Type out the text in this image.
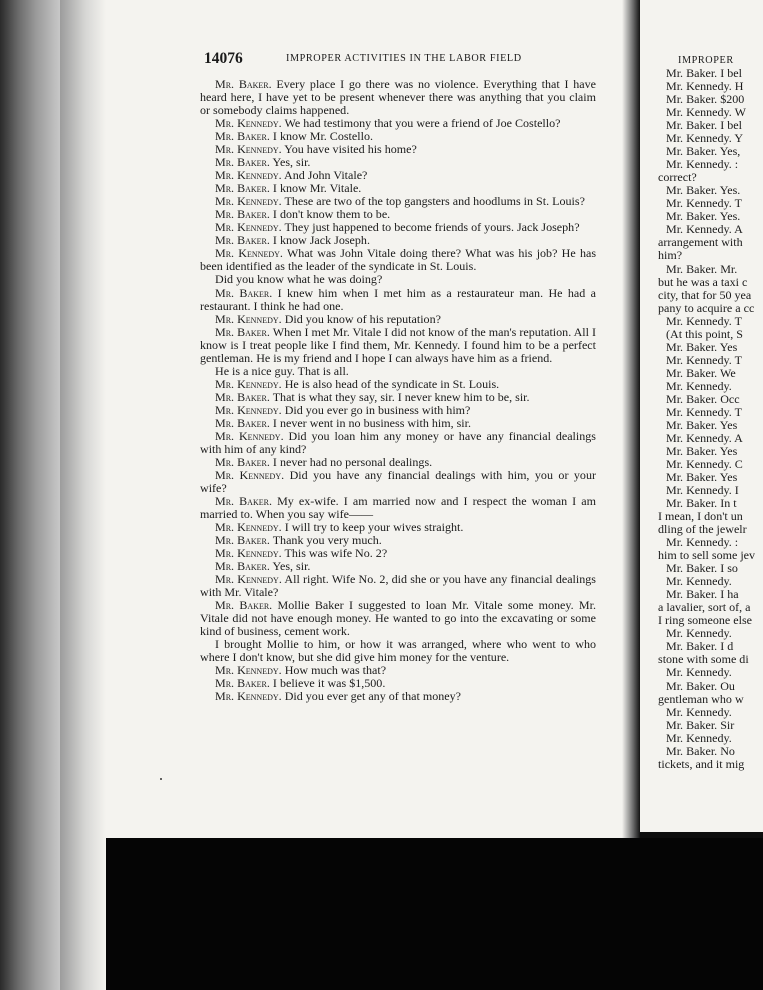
14076	IMPROPER ACTIVITIES IN THE LABOR FIELD

Mr. Baker. Every place I go there was no violence. Everything that I have heard here, I have yet to be present whenever there was anything that you claim or somebody claims happened.

Mr. Kennedy. We had testimony that you were a friend of Joe Costello?

Mr. Baker. I know Mr. Costello.

Mr. Kennedy. You have visited his home?

Mr. Baker. Yes, sir.

Mr. Kennedy. And John Vitale?

Mr. Baker. I know Mr. Vitale.

Mr. Kennedy. These are two of the top gangsters and hoodlums in St. Louis?

Mr. Baker. I don't know them to be.

Mr. Kennedy. They just happened to become friends of yours. Jack Joseph?

Mr. Baker. I know Jack Joseph.

Mr. Kennedy. What was John Vitale doing there? What was his job? He has been identified as the leader of the syndicate in St. Louis.

Did you know what he was doing?

Mr. Baker. I knew him when I met him as a restaurateur man. He had a restaurant. I think he had one.

Mr. Kennedy. Did you know of his reputation?

Mr. Baker. When I met Mr. Vitale I did not know of the man's reputation. All I know is I treat people like I find them, Mr. Kennedy. I found him to be a perfect gentleman. He is my friend and I hope I can always have him as a friend.

He is a nice guy. That is all.

Mr. Kennedy. He is also head of the syndicate in St. Louis.

Mr. Baker. That is what they say, sir. I never knew him to be, sir.

Mr. Kennedy. Did you ever go in business with him?

Mr. Baker. I never went in no business with him, sir.

Mr. Kennedy. Did you loan him any money or have any financial dealings with him of any kind?

Mr. Baker. I never had no personal dealings.

Mr. Kennedy. Did you have any financial dealings with him, you or your wife?

Mr. Baker. My ex-wife. I am married now and I respect the woman I am married to. When you say wife——

Mr. Kennedy. I will try to keep your wives straight.

Mr. Baker. Thank you very much.

Mr. Kennedy. This was wife No. 2?

Mr. Baker. Yes, sir.

Mr. Kennedy. All right. Wife No. 2, did she or you have any financial dealings with Mr. Vitale?

Mr. Baker. Mollie Baker I suggested to loan Mr. Vitale some money. Mr. Vitale did not have enough money. He wanted to go into the excavating or some kind of business, cement work.

I brought Mollie to him, or how it was arranged, where who went to who where I don't know, but she did give him money for the venture.

Mr. Kennedy. How much was that?

Mr. Baker. I believe it was $1,500.

Mr. Kennedy. Did you ever get any of that money?

IMPROPER

Mr. Baker. I bel

Mr. Kennedy. H

Mr. Baker. $200

Mr. Kennedy. W

Mr. Baker. I bel

Mr. Kennedy. Y

Mr. Baker. Yes,

Mr. Kennedy. :

correct?

Mr. Baker. Yes.

Mr. Kennedy. T

Mr. Baker. Yes.

Mr. Kennedy. A

arrangement with

him?

Mr. Baker. Mr.

but he was a taxi c

city, that for 50 yea

pany to acquire a cc

Mr. Kennedy. T

(At this point, S

Mr. Baker. Yes

Mr. Kennedy. T

Mr. Baker. We

Mr. Kennedy.

Mr. Baker. Occ

Mr. Kennedy. T

Mr. Baker. Yes

Mr. Kennedy. A

Mr. Baker. Yes

Mr. Kennedy. C

Mr. Baker. Yes

Mr. Kennedy. I

Mr. Baker. In t

I mean, I don't un

dling of the jewelr

Mr. Kennedy. :

him to sell some jev

Mr. Baker. I so

Mr. Kennedy.

Mr. Baker. I ha

a lavalier, sort of, a

I ring someone else

Mr. Kennedy.

Mr. Baker. I d

stone with some di

Mr. Kennedy.

Mr. Baker. Ou

gentleman who w

Mr. Kennedy.

Mr. Baker. Sir

Mr. Kennedy.

Mr. Baker. No

tickets, and it mig
